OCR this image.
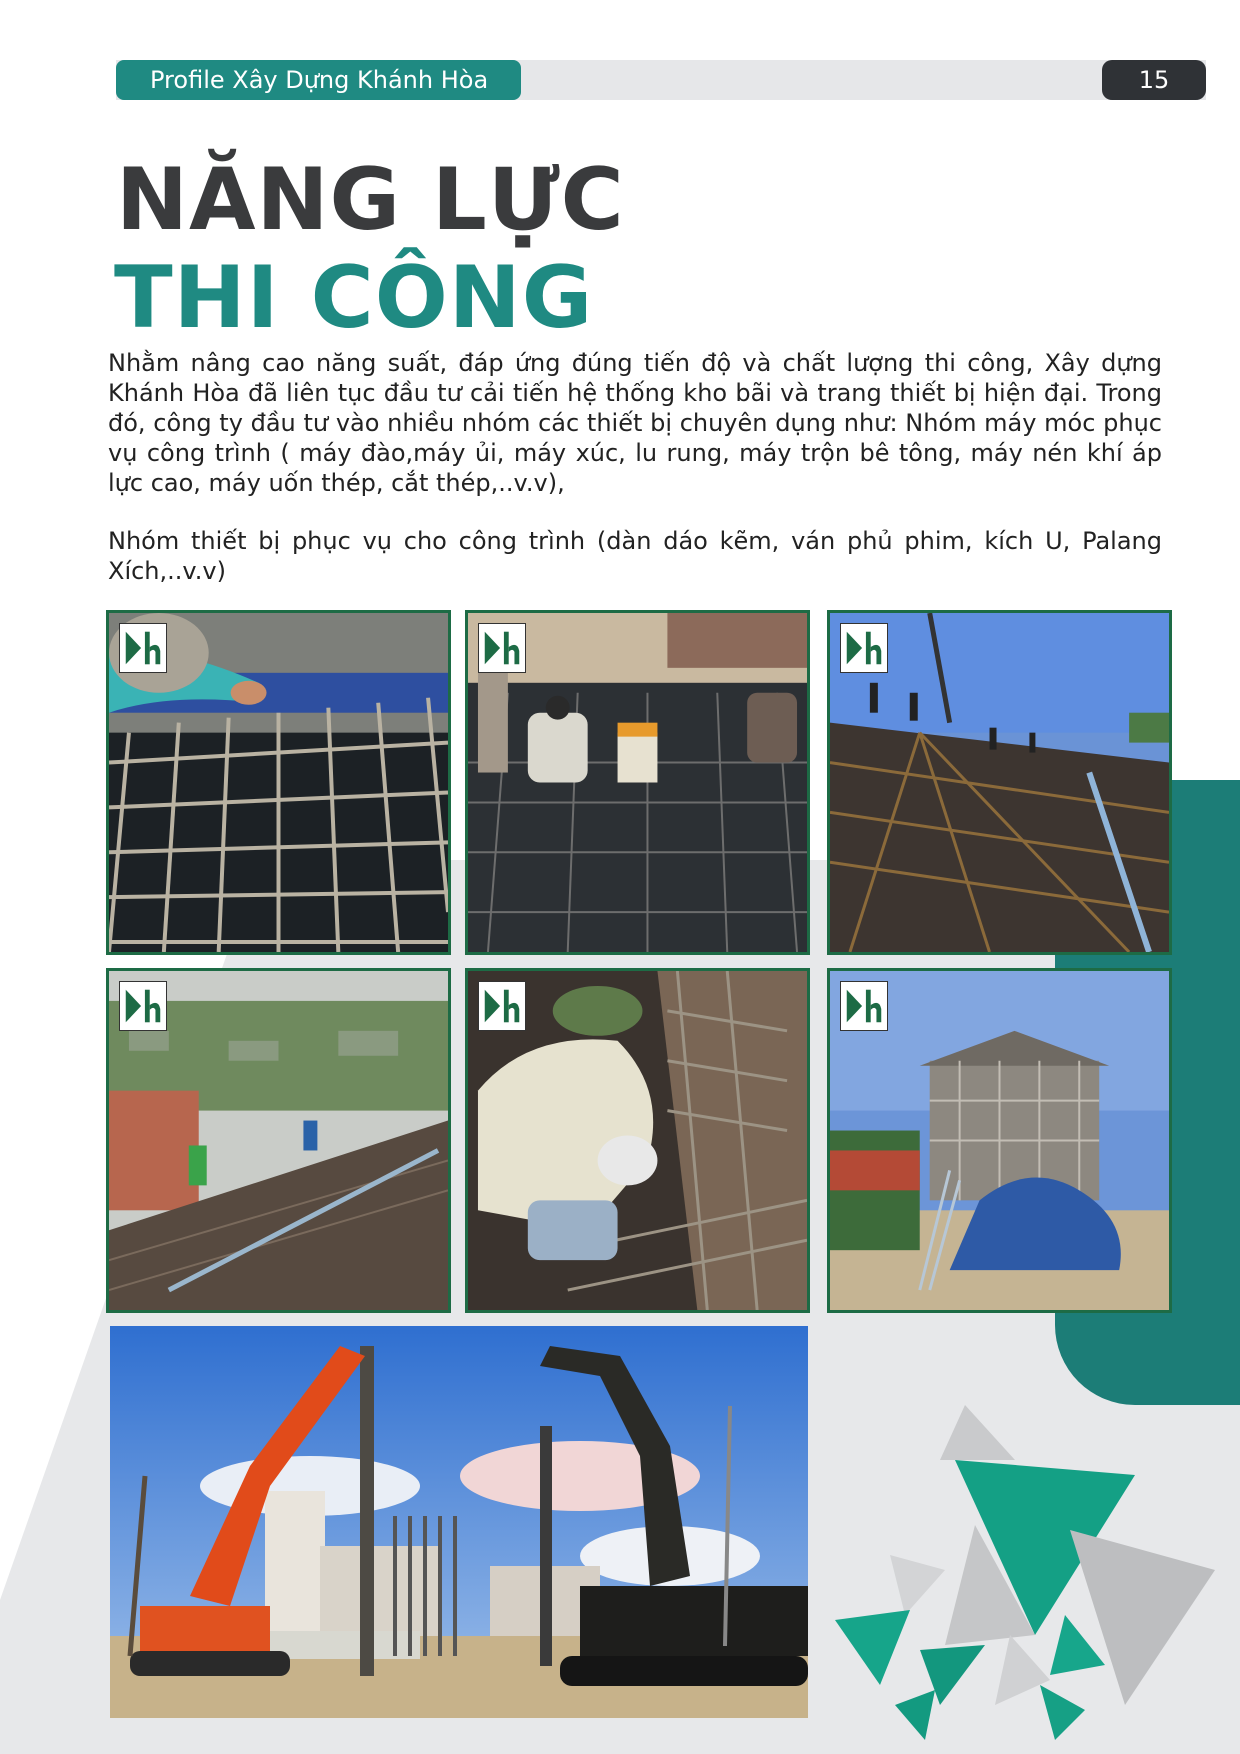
Profile Xây Dựng Khánh Hòa	15
NĂNG LỰC
THI CÔNG

Nhằm nâng cao năng suất, đáp ứng đúng tiến độ và chất lượng thi công, Xây dựng Khánh Hòa đã liên tục đầu tư cải tiến hệ thống kho bãi và trang thiết bị hiện đại. Trong đó, công ty đầu tư vào nhiều nhóm các thiết bị chuyên dụng như: Nhóm máy móc phục vụ công trình ( máy đào,máy ủi, máy xúc, lu rung, máy trộn bê tông, máy nén khí áp lực cao, máy uốn thép, cắt thép,..v.v),

Nhóm thiết bị phục vụ cho công trình (dàn dáo kẽm, ván phủ phim, kích U, Palang Xích,..v.v)
